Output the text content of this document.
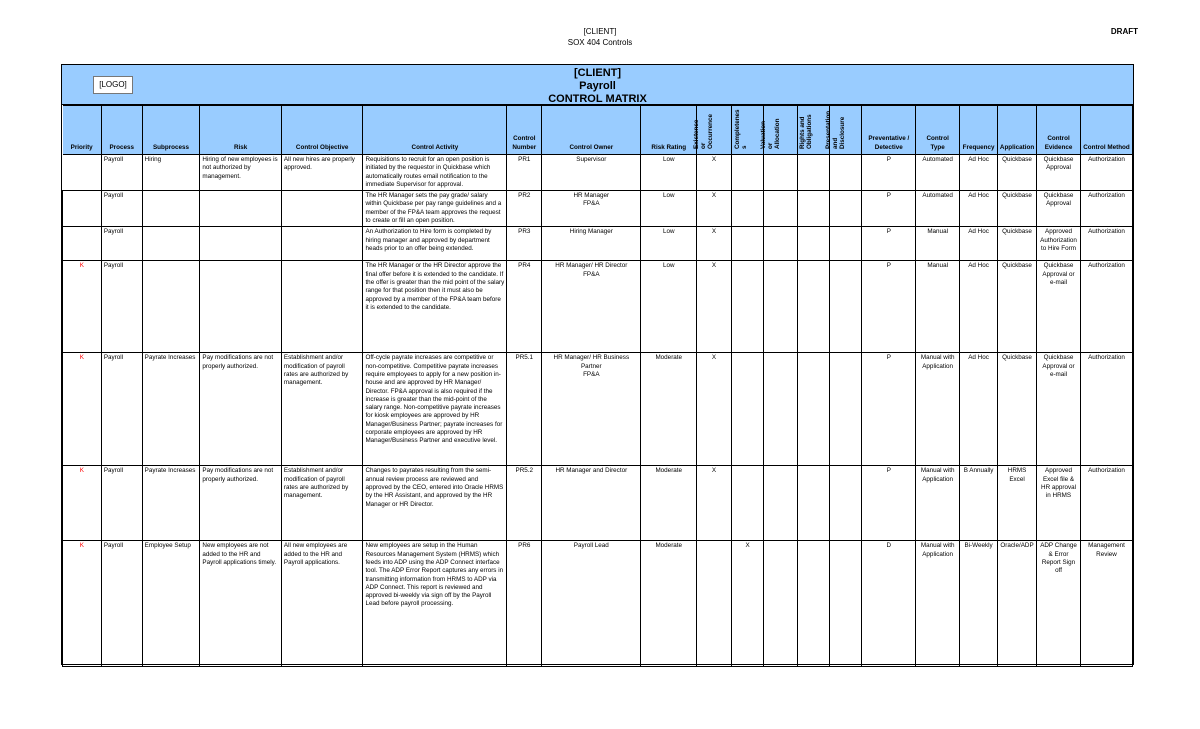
[CLIENT]
SOX 404 Controls
DRAFT
[CLIENT]
Payroll
CONTROL MATRIX
[LOGO]
Priority	Process	Subprocess	Risk	Control Objective	Control Activity	Control
Number	Control Owner	Risk Rating	Existence or
Occurrence	Completenes
s	Valuation or
Allocation	Rights and
Obligations	Presentation
and
Disclosure	Preventative /
Detective	Control
Type	Frequency	Application	Control
Evidence	Control Method
	Payroll	Hiring	Hiring of new employees is not authorized by management.	All new hires are properly approved.	Requisitions to recruit for an open position is initiated by the requestor in Quickbase which automatically routes email notification to the immediate Supervisor for approval.	PR1	Supervisor	Low	X					P	Automated	Ad Hoc	Quickbase	Quickbase Approval	Authorization
	Payroll				The HR Manager sets the pay grade/ salary within Quickbase per pay range guidelines and a member of the FP&A team approves the request to create or fill an open position.	PR2	HR Manager
FP&A	Low	X					P	Automated	Ad Hoc	Quickbase	Quickbase Approval	Authorization
	Payroll				An Authorization to Hire form is completed by hiring manager and approved by department heads prior to an offer being extended.	PR3	Hiring Manager	Low	X					P	Manual	Ad Hoc	Quickbase	Approved Authorization to Hire Form	Authorization
K	Payroll				The HR Manager or the HR Director approve the final offer before it is extended to the candidate. If the offer is greater than the mid point of the salary range for that position then it must also be approved by a member of the FP&A team before it is extended to the candidate.	PR4	HR Manager/ HR Director
FP&A	Low	X					P	Manual	Ad Hoc	Quickbase	Quickbase Approval or e-mail	Authorization
K	Payroll	Payrate Increases	Pay modifications are not properly authorized.	Establishment and/or modification of payroll rates are authorized by management.	Off-cycle payrate increases are competitive or non-competitive. Competitive payrate increases require employees to apply for a new position in-house and are approved by HR Manager/ Director. FP&A approval is also required if the increase is greater than the mid-point of the salary range. Non-competitive payrate increases for kiosk employees are approved by HR Manager/Business Partner; payrate increases for corporate employees are approved by HR Manager/Business Partner and executive level.	PR5.1	HR Manager/ HR Business Partner
FP&A	Moderate	X					P	Manual with Application	Ad Hoc	Quickbase	Quickbase Approval or e-mail	Authorization
K	Payroll	Payrate Increases	Pay modifications are not properly authorized.	Establishment and/or modification of payroll rates are authorized by management.	Changes to payrates resulting from the semi-annual review process are reviewed and approved by the CEO, entered into Oracle HRMS by the HR Assistant, and approved by the HR Manager or HR Director.	PR5.2	HR Manager and Director	Moderate	X					P	Manual with Application	B Annually	HRMS
Excel	Approved Excel file & HR approval in HRMS	Authorization
K	Payroll	Employee Setup	New employees are not added to the HR and Payroll applications timely.	All new employees are added to the HR and Payroll applications.	New employees are setup in the Human Resources Management System (HRMS) which feeds into ADP using the ADP Connect interface tool. The ADP Error Report captures any errors in transmitting information from HRMS to ADP via ADP Connect. This report is reviewed and approved bi-weekly via sign off by the Payroll Lead before payroll processing.	PR6	Payroll Lead	Moderate		X				D	Manual with Application	Bi-Weekly	Oracle/ADP	ADP Change & Error Report Sign off	Management Review
